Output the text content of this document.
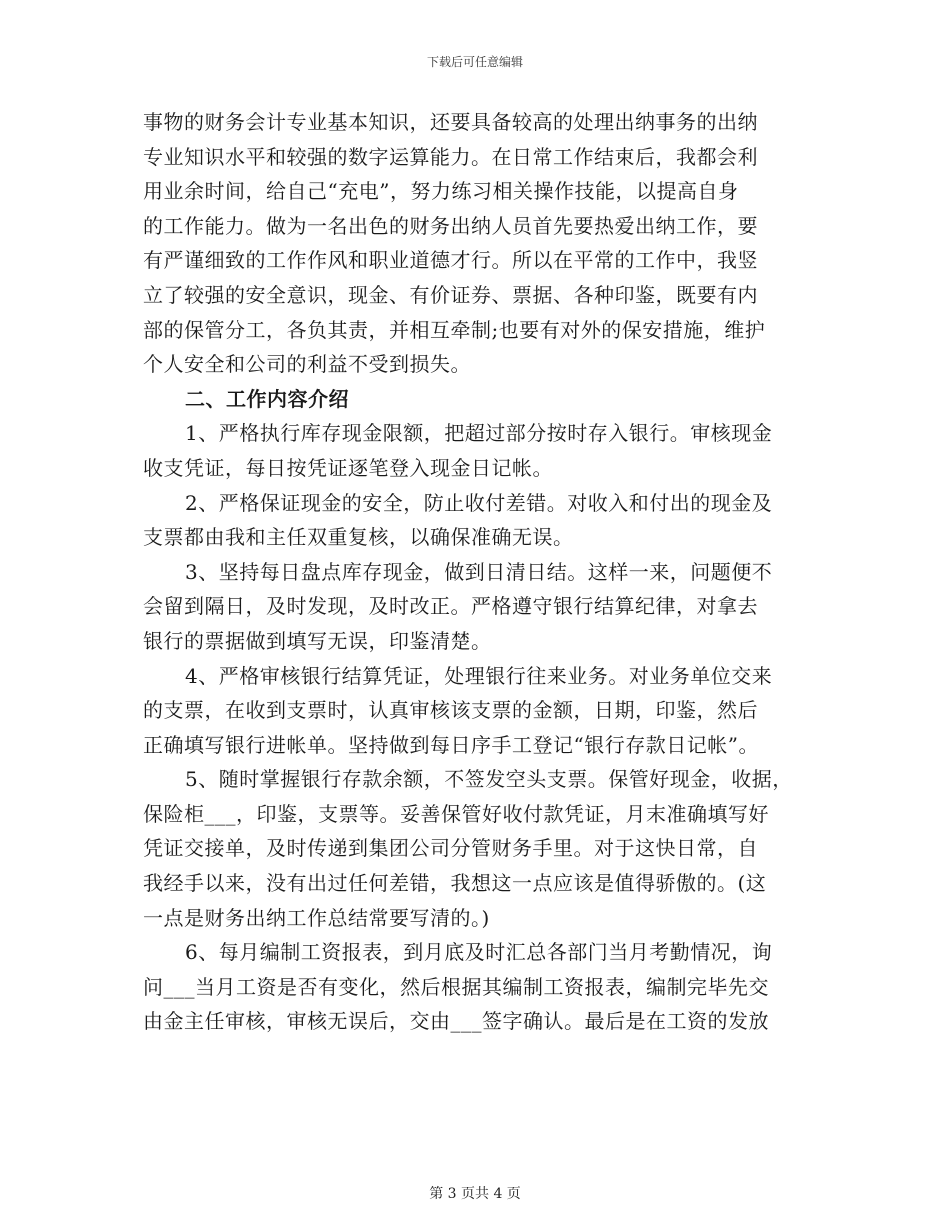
下载后可任意编辑
事物的财务会计专业基本知识，还要具备较高的处理出纳事务的出纳
专业知识水平和较强的数字运算能力。在日常工作结束后，我都会利
用业余时间，给自己“充电”，努力练习相关操作技能，以提高自身
的工作能力。做为一名出色的财务出纳人员首先要热爱出纳工作，要
有严谨细致的工作作风和职业道德才行。所以在平常的工作中，我竖
立了较强的安全意识，现金、有价证券、票据、各种印鉴，既要有内
部的保管分工，各负其责，并相互牵制;也要有对外的保安措施，维护
个人安全和公司的利益不受到损失。
二、工作内容介绍
1、严格执行库存现金限额，把超过部分按时存入银行。审核现金
收支凭证，每日按凭证逐笔登入现金日记帐。
2、严格保证现金的安全，防止收付差错。对收入和付出的现金及
支票都由我和主任双重复核，以确保准确无误。
3、坚持每日盘点库存现金，做到日清日结。这样一来，问题便不
会留到隔日，及时发现，及时改正。严格遵守银行结算纪律，对拿去
银行的票据做到填写无误，印鉴清楚。
4、严格审核银行结算凭证，处理银行往来业务。对业务单位交来
的支票，在收到支票时，认真审核该支票的金额，日期，印鉴，然后
正确填写银行进帐单。坚持做到每日序手工登记“银行存款日记帐”。
5、随时掌握银行存款余额，不签发空头支票。保管好现金，收据，
保险柜___，印鉴，支票等。妥善保管好收付款凭证，月末准确填写好
凭证交接单，及时传递到集团公司分管财务手里。对于这快日常，自
我经手以来，没有出过任何差错，我想这一点应该是值得骄傲的。(这
一点是财务出纳工作总结常要写清的。)
6、每月编制工资报表，到月底及时汇总各部门当月考勤情况，询
问___当月工资是否有变化，然后根据其编制工资报表，编制完毕先交
由金主任审核，审核无误后，交由___签字确认。最后是在工资的发放
第 3 页共 4 页
